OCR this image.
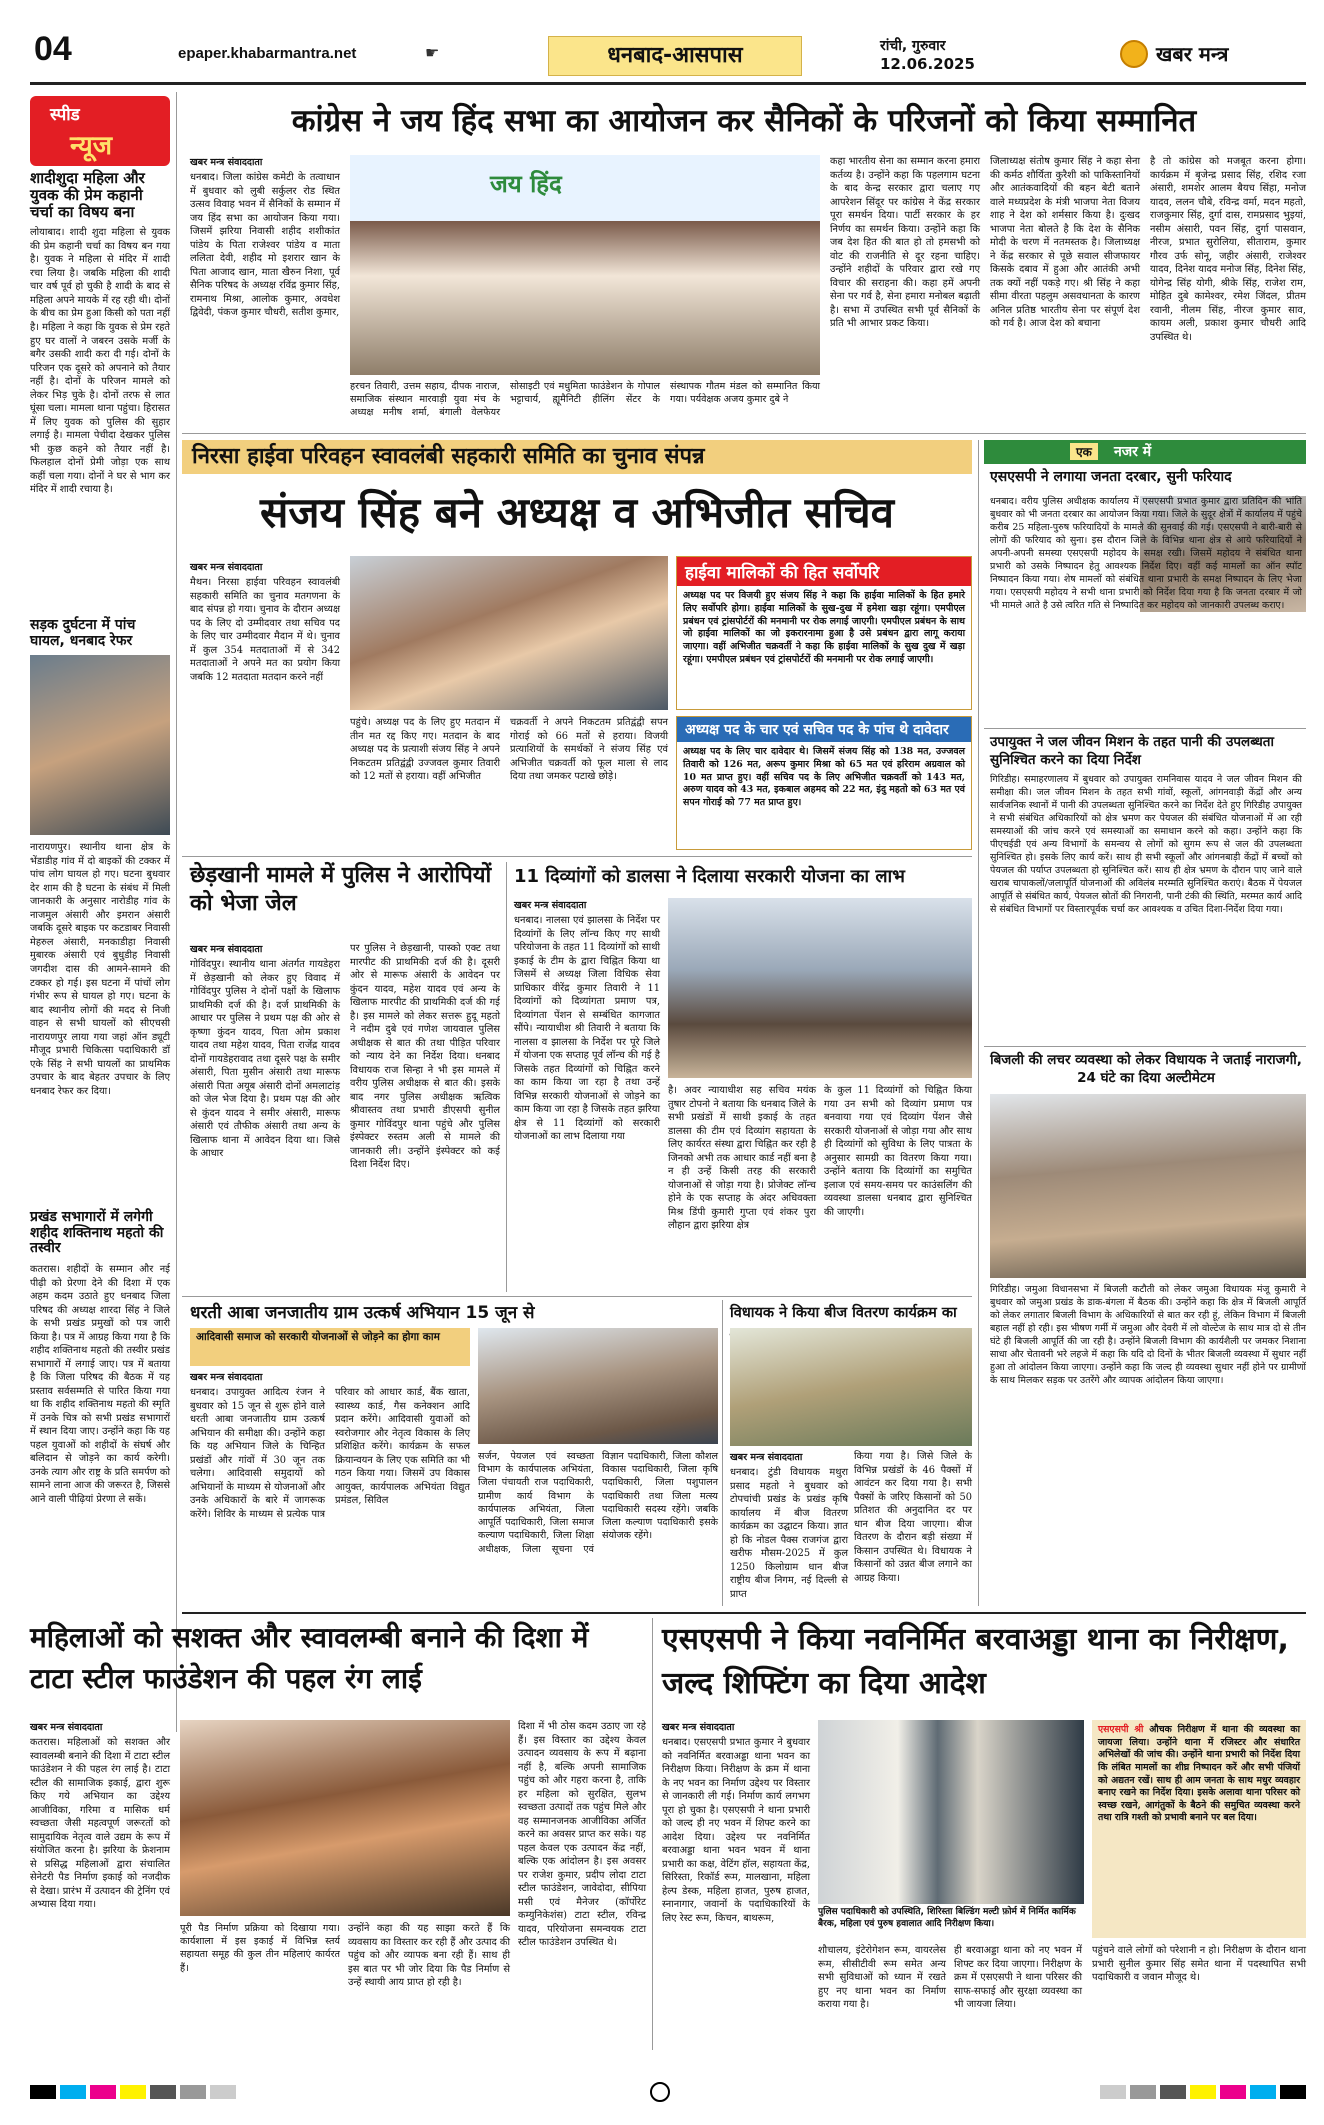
04	epaper.khabarmantra.net	☛	धनबाद-आसपास	रांची, गुरुवार
12.06.2025	खबर मन्त्र
स्पीड
न्यूज
शादीशुदा महिला और युवक की प्रेम कहानी चर्चा का विषय बना
लोयाबाद। शादी शुदा महिला से युवक की प्रेम कहानी चर्चा का विषय बन गया है। युवक ने महिला से मंदिर में शादी रचा लिया है। जबकि महिला की शादी चार वर्ष पूर्व हो चुकी है शादी के बाद से महिला अपने मायके में रह रही थी। दोनों के बीच का प्रेम हुआ किसी को पता नहीं है। महिला ने कहा कि युवक से प्रेम रहते हुए घर वालों ने जबरन उसके मर्जी के बगैर उसकी शादी करा दी गई। दोनों के परिजन एक दूसरे को अपनाने को तैयार नहीं है। दोनों के परिजन मामले को लेकर भिड़ चुके है। दोनों तरफ से लात घूंसा चला। मामला थाना पहुंचा। हिरासत में लिए युवक को पुलिस की सुहार लगाई है। मामला पेचीदा देखकर पुलिस भी कुछ कहने को तैयार नहीं है। फिलहाल दोनों प्रेमी जोड़ा एक साथ कहीं चला गया। दोनों ने घर से भाग कर मंदिर में शादी रचाया है।
सड़क दुर्घटना में पांच घायल, धनबाद रेफर
नारायणपुर। स्थानीय थाना क्षेत्र के भेंडाडीह गांव में दो बाइकों की टक्कर में पांच लोग घायल हो गए। घटना बुधवार देर शाम की है घटना के संबंध में मिली जानकारी के अनुसार नारोडीह गांव के नाजमुल अंसारी और इमरान अंसारी जबकि दूसरे बाइक पर कटडाबर निवासी मेहरुल अंसारी, मनकाडीहा निवासी मुबारक अंसारी एवं बुधुडीह निवासी जगदीश दास की आमने-सामने की टक्कर हो गई। इस घटना में पांचों लोग गंभीर रूप से घायल हो गए। घटना के बाद स्थानीय लोगों की मदद से निजी वाहन से सभी घायलों को सीएचसी नारायणपुर लाया गया जहां ऑन ड्यूटी मौजूद प्रभारी चिकित्सा पदाधिकारी डॉ एके सिंह ने सभी घायलों का प्राथमिक उपचार के बाद बेहतर उपचार के लिए धनबाद रेफर कर दिया।
प्रखंड सभागारों में लगेगी शहीद शक्तिनाथ महतो की तस्वीर
कतरास। शहीदों के सम्मान और नई पीढ़ी को प्रेरणा देने की दिशा में एक अहम कदम उठाते हुए धनबाद जिला परिषद की अध्यक्ष शारदा सिंह ने जिले के सभी प्रखंड प्रमुखों को पत्र जारी किया है। पत्र में आग्रह किया गया है कि शहीद शक्तिनाथ महतो की तस्वीर प्रखंड सभागारों में लगाई जाए। पत्र में बताया है कि जिला परिषद की बैठक में यह प्रस्ताव सर्वसम्मति से पारित किया गया था कि शहीद शक्तिनाथ महतो की स्मृति में उनके चित्र को सभी प्रखंड सभागारों में स्थान दिया जाए। उन्होंने कहा कि यह पहल युवाओं को शहीदों के संघर्ष और बलिदान से जोड़ने का कार्य करेगी। उनके त्याग और राष्ट्र के प्रति समर्पण को सामने लाना आज की जरूरत है, जिससे आने वाली पीढ़ियां प्रेरणा ले सकें।
कांग्रेस ने जय हिंद सभा का आयोजन कर सैनिकों के परिजनों को किया सम्मानित
खबर मन्त्र संवाददाता
धनबाद। जिला कांग्रेस कमेटी के तत्वाधान में बुधवार को लुबी सर्कुलर रोड स्थित उत्सव विवाह भवन में सैनिकों के सम्मान में जय हिंद सभा का आयोजन किया गया। जिसमें झरिया निवासी शहीद शशीकांत पांडेय के पिता राजेश्वर पांडेय व माता ललिता देवी, शहीद मो इशरार खान के पिता आजाद खान, माता खैरुन निशा, पूर्व सैनिक परिषद के अध्यक्ष रविंद्र कुमार सिंह, रामनाथ मिश्रा, आलोक कुमार, अवधेश द्विवेदी, पंकज कुमार चौधरी, सतीश कुमार,
जय हिंद
हरचन तिवारी, उत्तम सहाय, दीपक नाराज, समाजिक संस्थान मारवाड़ी युवा मंच के अध्यक्ष मनीष शर्मा, बंगाली वेलफेयर सोसाइटी एवं मधुमिता फाउंडेशन के गोपाल भट्टाचार्य, ह्यूमैनिटी हीलिंग सेंटर के संस्थापक गौतम मंडल को सम्मानित किया गया। पर्यवेक्षक अजय कुमार दुबे ने
कहा भारतीय सेना का सम्मान करना हमारा कर्तव्य है। उन्होंने कहा कि पहलगाम घटना के बाद केन्द्र सरकार द्वारा चलाए गए आपरेशन सिंदूर पर कांग्रेस ने केंद्र सरकार पूरा समर्थन दिया। पार्टी सरकार के हर निर्णय का समर्थन किया। उन्होंने कहा कि जब देश हित की बात हो तो हमसभी को वोट की राजनीति से दूर रहना चाहिए। उन्होंने शहीदों के परिवार द्वारा रखे गए विचार की सराहना की। कहा हमें अपनी सेना पर गर्व है, सेना हमारा मनोबल बढ़ाती है। सभा में उपस्थित सभी पूर्व सैनिकों के प्रति भी आभार प्रकट किया।
जिलाध्यक्ष संतोष कुमार सिंह ने कहा सेना की कर्मठ शौर्यिता कुरैशी को पाकिस्तानियों और आतंकवादियों की बहन बेटी बताने वाले मध्यप्रदेश के मंत्री भाजपा नेता विजय शाह ने देश को शर्मसार किया है। दुःखद भाजपा नेता बोलते है कि देश के सैनिक मोदी के चरण में नतमस्तक है। जिलाध्यक्ष ने केंद्र सरकार से पूछे सवाल सीजफायर किसके दबाव में हुआ और आतंकी अभी तक क्यों नहीं पकड़े गए। श्री सिंह ने कहा सीमा वीरता पहलुम असवधानता के कारण अनिल प्रतिष्ठ भारतीय सेना पर संपूर्ण देश को गर्व है। आज देश को बचाना
है तो कांग्रेस को मजबूत करना होगा। कार्यक्रम में बृजेन्द्र प्रसाद सिंह, रशिद रजा अंसारी, शमशेर आलम बैयच सिंहा, मनोज यादव, ललन चौबे, रविन्द्र वर्मा, मदन महतो, राजकुमार सिंह, दुर्गा दास, रामप्रसाद भुइयां, नसीम अंसारी, पवन सिंह, दुर्गा पासवान, नीरज, प्रभात सुरोलिया, सीताराम, कुमार गौरव उर्फ सोनू, जहीर अंसारी, राजेश्वर यादव, दिनेश यादव मनोज सिंह, दिनेश सिंह, योगेन्द्र सिंह योगी, श्रीके सिंह, राजेश राम, मोहित दुबे कामेश्वर, रमेश जिंदल, प्रीतम रवानी, नीलम सिंह, नीरज कुमार साव, कायम अली, प्रकाश कुमार चौधरी आदि उपस्थित थे।
निरसा हाईवा परिवहन स्वावलंबी सहकारी समिति का चुनाव संपन्न
संजय सिंह बने अध्यक्ष व अभिजीत सचिव
खबर मन्त्र संवाददाता
मैथन। निरसा हाईवा परिवहन स्वावलंबी सहकारी समिति का चुनाव मतगणना के बाद संपन्न हो गया। चुनाव के दौरान अध्यक्ष पद के लिए दो उम्मीदवार तथा सचिव पद के लिए चार उम्मीदवार मैदान में थे। चुनाव में कुल 354 मतदाताओं में से 342 मतदाताओं ने अपने मत का प्रयोग किया जबकि 12 मतदाता मतदान करने नहीं
पहुंचे। अध्यक्ष पद के लिए हुए मतदान में तीन मत रद्द किए गए। मतदान के बाद अध्यक्ष पद के प्रत्याशी संजय सिंह ने अपने निकटतम प्रतिद्वंद्वी उज्जवल कुमार तिवारी को 12 मतों से हराया। वहीं अभिजीत
चक्रवर्ती ने अपने निकटतम प्रतिद्वंद्वी सपन गोराई को 66 मतों से हराया। विजयी प्रत्याशियों के समर्थकों ने संजय सिंह एवं अभिजीत चक्रवर्ती को फूल माला से लाद दिया तथा जमकर पटाखे छोड़े।
हाईवा मालिकों की हित सर्वोपरि
अध्यक्ष पद पर विजयी हुए संजय सिंह ने कहा कि हाईवा मालिकों के हित हमारे लिए सर्वोपरि होगा। हाईवा मालिकों के सुख-दुख में हमेशा खड़ा रहूंगा। एमपीएल प्रबंधन एवं ट्रांसपोर्टरों की मनमानी पर रोक लगाई जाएगी। एमपीएल प्रबंधन के साथ जो हाईवा मालिकों का जो इकरारनामा हुआ है उसे प्रबंधन द्वारा लागू कराया जाएगा। वहीं अभिजीत चक्रवर्ती ने कहा कि हाईवा मालिकों के सुख दुख में खड़ा रहूंगा। एमपीएल प्रबंधन एवं ट्रांसपोर्टरों की मनमानी पर रोक लगाई जाएगी।
अध्यक्ष पद के चार एवं सचिव पद के पांच थे दावेदार
अध्यक्ष पद के लिए चार दावेदार थे। जिसमें संजय सिंह को 138 मत, उज्जवल तिवारी को 126 मत, अरूप कुमार मिश्रा को 65 मत एवं हरिराम अग्रवाल को 10 मत प्राप्त हुए। वहीं सचिव पद के लिए अभिजीत चक्रवर्ती को 143 मत, अरुण यादव को 43 मत, इकबाल अहमद को 22 मत, इंदु महतो को 63 मत एवं सपन गोराई को 77 मत प्राप्त हुए।
छेड़खानी मामले में पुलिस ने आरोपियों को भेजा जेल
खबर मन्त्र संवाददाता
गोविंदपुर। स्थानीय थाना अंतर्गत गायडेहरा में छेड़खानी को लेकर हुए विवाद में गोविंदपुर पुलिस ने दोनों पक्षों के खिलाफ प्राथमिकी दर्ज की है। दर्ज प्राथमिकी के आधार पर पुलिस ने प्रथम पक्ष की ओर से कृष्णा कुंदन यादव, पिता ओम प्रकाश यादव तथा महेश यादव, पिता राजेंद्र यादव दोनों गायडेहरावाद तथा दूसरे पक्ष के समीर अंसारी, पिता मुसीन अंसारी तथा मारूफ अंसारी पिता अयूब अंसारी दोनों अमलाटांड़ को जेल भेज दिया है। प्रथम पक्ष की ओर से कुंदन यादव ने समीर अंसारी, मारूफ अंसारी एवं तौफीक अंसारी तथा अन्य के खिलाफ थाना में आवेदन दिया था। जिसे के आधार
पर पुलिस ने छेड़खानी, पास्को एक्ट तथा मारपीट की प्राथमिकी दर्ज की है। दूसरी ओर से मारूफ अंसारी के आवेदन पर कुंदन यादव, महेश यादव एवं अन्य के खिलाफ मारपीट की प्राथमिकी दर्ज की गई है। इस मामले को लेकर सत्तरू हुदू महतो ने नदीम दुबे एवं गणेश जायवाल पुलिस अधीक्षक से बात की तथा पीड़ित परिवार को न्याय देने का निर्देश दिया। धनबाद विधायक राज सिन्हा ने भी इस मामले में वरीय पुलिस अधीक्षक से बात की। इसके बाद नगर पुलिस अधीक्षक ऋत्विक श्रीवास्तव तथा प्रभारी डीएसपी सुनील कुमार गोविंदपुर थाना पहुंचे और पुलिस इंस्पेक्टर रुस्तम अली से मामले की जानकारी ली। उन्होंने इंस्पेक्टर को कई दिशा निर्देश दिए।
11 दिव्यांगों को डालसा ने दिलाया सरकारी योजना का लाभ
खबर मन्त्र संवाददाता
धनबाद। नालसा एवं झालसा के निर्देश पर दिव्यांगों के लिए लॉन्च किए गए साथी परियोजना के तहत 11 दिव्यांगों को साथी इकाई के टीम के द्वारा चिह्नित किया था जिसमें से अध्यक्ष जिला विधिक सेवा प्राधिकार वीरेंद्र कुमार तिवारी ने 11 दिव्यांगों को दिव्यांगता प्रमाण पत्र, दिव्यांगता पेंशन से सम्बंधित कागजात सौंपे। न्यायाधीश श्री तिवारी ने बताया कि नालसा व झालसा के निर्देश पर पूरे जिले में योजना एक सप्ताह पूर्व लॉन्च की गई है जिसके तहत दिव्यांगों को चिह्नित करने का काम किया जा रहा है तथा उन्हें विभिन्न सरकारी योजनाओं से जोड़ने का काम किया जा रहा है जिसके तहत झरिया क्षेत्र से 11 दिव्यांगों को सरकारी योजनाओं का लाभ दिलाया गया
है। अवर न्यायाधीश सह सचिव मयंक तुषार टोपनो ने बताया कि धनबाद जिले के सभी प्रखंडों में साथी इकाई के तहत डालसा की टीम एवं दिव्यांग सहायता के लिए कार्यरत संस्था द्वारा चिह्नित कर रही है जिनको अभी तक आधार कार्ड नहीं बना है न ही उन्हें किसी तरह की सरकारी योजनाओं से जोड़ा गया है। प्रोजेक्ट लॉन्च होने के एक सप्ताह के अंदर अधिवक्ता मिश्र डिंपी कुमारी गुप्ता एवं शंकर पुरा लौहान द्वारा झरिया क्षेत्र
के कुल 11 दिव्यांगों को चिह्नित किया गया उन सभी को दिव्यांग प्रमाण पत्र बनवाया गया एवं दिव्यांग पेंशन जैसे सरकारी योजनाओं से जोड़ा गया और साथ ही दिव्यांगों को सुविधा के लिए पात्रता के अनुसार सामग्री का वितरण किया गया। उन्होंने बताया कि दिव्यांगों का समुचित इलाज एवं समय-समय पर काउंसलिंग की व्यवस्था डालसा धनबाद द्वारा सुनिश्चित की जाएगी।
धरती आबा जनजातीय ग्राम उत्कर्ष अभियान 15 जून से
आदिवासी समाज को सरकारी योजनाओं से जोड़ने का होगा काम
खबर मन्त्र संवाददाता
धनबाद। उपायुक्त आदित्य रंजन ने बुधवार को 15 जून से शुरू होने वाले धरती आबा जनजातीय ग्राम उत्कर्ष अभियान की समीक्षा की। उन्होंने कहा कि यह अभियान जिले के चिन्हित प्रखंडों और गांवों में 30 जून तक चलेगा। आदिवासी समुदायों को अभियानों के माध्यम से योजनाओं और उनके अधिकारों के बारे में जागरूक करेंगे। शिविर के माध्यम से प्रत्येक पात्र परिवार को आधार कार्ड, बैंक खाता, स्वास्थ्य कार्ड, गैस कनेक्शन आदि प्रदान करेंगे। आदिवासी युवाओं को स्वरोजगार और नेतृत्व विकास के लिए प्रशिक्षित करेंगे। कार्यक्रम के सफल क्रियान्वयन के लिए एक समिति का भी गठन किया गया। जिसमें उप विकास आयुक्त, कार्यपालक अभियंता विद्युत प्रमंडल, सिविल
सर्जन, पेयजल एवं स्वच्छता विभाग के कार्यपालक अभियंता, जिला पंचायती राज पदाधिकारी, ग्रामीण कार्य विभाग के कार्यपालक अभियंता, जिला आपूर्ति पदाधिकारी, जिला समाज कल्याण पदाधिकारी, जिला शिक्षा अधीक्षक, जिला सूचना एवं विज्ञान पदाधिकारी, जिला कौशल विकास पदाधिकारी, जिला कृषि पदाधिकारी, जिला पशुपालन पदाधिकारी तथा जिला मत्स्य पदाधिकारी सदस्य रहेंगे। जबकि जिला कल्याण पदाधिकारी इसके संयोजक रहेंगे।
विधायक ने किया बीज वितरण कार्यक्रम का
खबर मन्त्र संवाददाता
धनबाद। टुंडी विधायक मथुरा प्रसाद महतो ने बुधवार को टोपचांची प्रखंड के प्रखंड कृषि कार्यालय में बीज वितरण कार्यक्रम का उद्घाटन किया। ज्ञात हो कि नोडल पैक्स राजगंज द्वारा खरीफ मौसम-2025 में कुल 1250 किलोग्राम धान बीज राष्ट्रीय बीज निगम, नई दिल्ली से प्राप्त
किया गया है। जिसे जिले के विभिन्न प्रखंडों के 46 पैक्सों में आवंटन कर दिया गया है। सभी पैक्सों के जरिए किसानों को 50 प्रतिशत की अनुदानित दर पर धान बीज दिया जाएगा। बीज वितरण के दौरान बड़ी संख्या में किसान उपस्थित थे। विधायक ने किसानों को उन्नत बीज लगाने का आग्रह किया।
एक	नजर में
एसएसपी ने लगाया जनता दरबार, सुनी फरियाद
धनबाद। वरीय पुलिस अधीक्षक कार्यालय में एसएसपी प्रभात कुमार द्वारा प्रतिदिन की भांति बुधवार को भी जनता दरबार का आयोजन किया गया। जिले के सुदूर क्षेत्रों में कार्यालय में पहुंचे करीब 25 महिला-पुरुष फरियादियों के मामले की सुनवाई की गई। एसएसपी ने बारी-बारी से लोगों की फरियाद को सुना। इस दौरान जिले के विभिन्न थाना क्षेत्र से आये फरियादियों ने अपनी-अपनी समस्या एसएसपी महोदय के समक्ष रखी। जिसमें महोदय ने संबंधित थाना प्रभारी को उसके निष्पादन हेतु आवश्यक निर्देश दिए। वहीं कई मामलों का ऑन स्पॉट निष्पादन किया गया। शेष मामलों को संबंधित थाना प्रभारी के समक्ष निष्पादन के लिए भेजा गया। एसएसपी महोदय ने सभी थाना प्रभारी को निर्देश दिया गया है कि जनता दरबार में जो भी मामले आते है उसे त्वरित गति से निष्पादित कर महोदय को जानकारी उपलब्ध कराए।
उपायुक्त ने जल जीवन मिशन के तहत पानी की उपलब्धता सुनिश्चित करने का दिया निर्देश
गिरिडीह। समाहरणालय में बुधवार को उपायुक्त रामनिवास यादव ने जल जीवन मिशन की समीक्षा की। जल जीवन मिशन के तहत सभी गांवों, स्कूलों, आंगनवाड़ी केंद्रों और अन्य सार्वजनिक स्थानों में पानी की उपलब्धता सुनिश्चित करने का निर्देश देते हुए गिरिडीह उपायुक्त ने सभी संबंधित अधिकारियों को क्षेत्र भ्रमण कर पेयजल की संबंधित योजनाओं में आ रही समस्याओं की जांच करने एवं समस्याओं का समाधान करने को कहा। उन्होंने कहा कि पीएचईडी एवं अन्य विभागों के समन्वय से लोगों को सुगम रूप से जल की उपलब्धता सुनिश्चित हो। इसके लिए कार्य करें। साथ ही सभी स्कूलों और आंगनबाड़ी केंद्रों में बच्चों को पेयजल की पर्याप्त उपलब्धता हो सुनिश्चित करें। साथ ही क्षेत्र भ्रमण के दौरान पाए जाने वाले खराब चापाकलों/जलापूर्ति योजनाओं की अविलंब मरम्मति सुनिश्चित कराएं। बैठक में पेयजल आपूर्ति से संबंधित कार्य, पेयजल स्रोतों की निगरानी, पानी टंकी की स्थिति, मरम्मत कार्य आदि से संबंधित विभागों पर विस्तारपूर्वक चर्चा कर आवश्यक व उचित दिशा-निर्देश दिया गया।
बिजली की लचर व्यवस्था को लेकर विधायक ने जताई नाराजगी, 24 घंटे का दिया अल्टीमेटम
गिरिडीह। जमुआ विधानसभा में बिजली कटौती को लेकर जमुआ विधायक मंजू कुमारी ने बुधवार को जमुआ प्रखंड के डाक-बंगला में बैठक की। उन्होंने कहा कि क्षेत्र में बिजली आपूर्ति को लेकर लगातार बिजली विभाग के अधिकारियों से बात कर रही हूं, लेकिन विभाग में बिजली बहाल नहीं हो रही। इस भीषण गर्मी में जमुआ और देवरी में लो वोल्टेज के साथ मात्र दो से तीन घंटे ही बिजली आपूर्ति की जा रही है। उन्होंने बिजली विभाग की कार्यशैली पर जमकर निशाना साधा और चेतावनी भरे लहजे में कहा कि यदि दो दिनों के भीतर बिजली व्यवस्था में सुधार नहीं हुआ तो आंदोलन किया जाएगा। उन्होंने कहा कि जल्द ही व्यवस्था सुधार नहीं होने पर ग्रामीणों के साथ मिलकर सड़क पर उतरेंगे और व्यापक आंदोलन किया जाएगा।
महिलाओं को सशक्त और स्वावलम्बी बनाने की दिशा में टाटा स्टील फाउंडेशन की पहल रंग लाई
खबर मन्त्र संवाददाता
कतरास। महिलाओं को सशक्त और स्वावलम्बी बनाने की दिशा में टाटा स्टील फाउंडेशन ने की पहल रंग लाई है। टाटा स्टील की सामाजिक इकाई, द्वारा शुरू किए गये अभियान का उद्देश्य आजीविका, गरिमा व मासिक धर्म स्वच्छता जैसी महत्वपूर्ण जरूरतों को सामुदायिक नेतृत्व वाले उद्यम के रूप में संयोजित करना है। झरिया के फ्रेशनाम से प्रसिद्ध महिलाओं द्वारा संचालित सेनेटरी पैड निर्माण इकाई को नजदीक से देखा। प्रारंभ में उत्पादन की ट्रेनिंग एवं अभ्यास दिया गया।
पूरी पैड निर्माण प्रक्रिया को दिखाया गया। कार्यशाला में इस इकाई में विभिन्न स्तर्य सहायता समूह की कुल तीन महिलाएं कार्यरत हैं।
उन्होंने कहा की यह साझा करते हैं कि व्यवसाय का विस्तार कर रही हैं और उत्पाद की पहुंच को और व्यापक बना रही हैं। साथ ही इस बात पर भी जोर दिया कि पैड निर्माण से उन्हें स्थायी आय प्राप्त हो रही है।
दिशा में भी ठोस कदम उठाए जा रहे हैं। इस विस्तार का उद्देश्य केवल उत्पादन व्यवसाय के रूप में बढ़ाना नहीं है, बल्कि अपनी सामाजिक पहुंच को और गहरा करना है, ताकि हर महिला को सुरक्षित, सुलभ स्वच्छता उत्पादों तक पहुंच मिले और वह सम्मानजनक आजीविका अर्जित करने का अवसर प्राप्त कर सके। यह पहल केवल एक उत्पादन केंद्र नहीं, बल्कि एक आंदोलन है। इस अवसर पर राजेश कुमार, प्रदीप लोदा टाटा स्टील फाउंडेशन, जावेदोदा, सीपिया मसी एवं मैनेजर (कॉर्पोरेट कम्युनिकेशंस) टाटा स्टील, रविन्द्र यादव, परियोजना समन्वयक टाटा स्टील फाउंडेशन उपस्थित थे।
एसएसपी ने किया नवनिर्मित बरवाअड्डा थाना का निरीक्षण, जल्द शिफ्टिंग का दिया आदेश
खबर मन्त्र संवाददाता
धनबाद। एसएसपी प्रभात कुमार ने बुधवार को नवनिर्मित बरवाअड्डा थाना भवन का निरीक्षण किया। निरीक्षण के क्रम में थाना के नए भवन का निर्माण उद्देश्य पर विस्तार से जानकारी ली गई। निर्माण कार्य लगभग पूरा हो चुका है। एसएसपी ने थाना प्रभारी को जल्द ही नए भवन में शिफ्ट करने का आदेश दिया। उद्देश्य पर नवनिर्मित बरवाअड्डा थाना भवन भवन में थाना प्रभारी का कक्ष, वेटिंग हॉल, सहायता केंद्र, सिरिस्ता, रिकॉर्ड रूम, मालखाना, महिला हेल्प डेस्क, महिला हाजत, पुरुष हाजत, स्नानागार, जवानों के पदाधिकारियों के लिए रेस्ट रूम, किचन, बाथरूम,
पुलिस पदाधिकारी को उपस्थिति, शिरिस्ता बिल्डिंग मल्टी फ़ोर्म में निर्मित कार्मिक बैरक, महिला एवं पुरुष हवालात आदि निरीक्षण किया।
शौचालय, इंटेरोगेशन रूम, वायरलेस रूम, सीसीटीवी रूम समेत अन्य सभी सुविधाओं को ध्यान में रखते हुए नए थाना भवन का निर्माण कराया गया है।
ही बरवाअड्डा थाना को नए भवन में शिफ्ट कर दिया जाएगा। निरीक्षण के क्रम में एसएसपी ने थाना परिसर की साफ-सफाई और सुरक्षा व्यवस्था का भी जायजा लिया।
एसएसपी श्री औचक निरीक्षण में थाना की व्यवस्था का जायजा लिया। उन्होंने थाना में रजिस्टर और संधारित अभिलेखों की जांच की। उन्होंने थाना प्रभारी को निर्देश दिया कि लंबित मामलों का शीघ्र निष्पादन करें और सभी पंजियों को अद्यतन रखें। साथ ही आम जनता के साथ मधुर व्यवहार बनाए रखने का निर्देश दिया। इसके अलावा थाना परिसर को स्वच्छ रखने, आगंतुकों के बैठने की समुचित व्यवस्था करने तथा रात्रि गश्ती को प्रभावी बनाने पर बल दिया।
पहुंचने वाले लोगों को परेशानी न हो। निरीक्षण के दौरान थाना प्रभारी सुनील कुमार सिंह समेत थाना में पदस्थापित सभी पदाधिकारी व जवान मौजूद थे।
